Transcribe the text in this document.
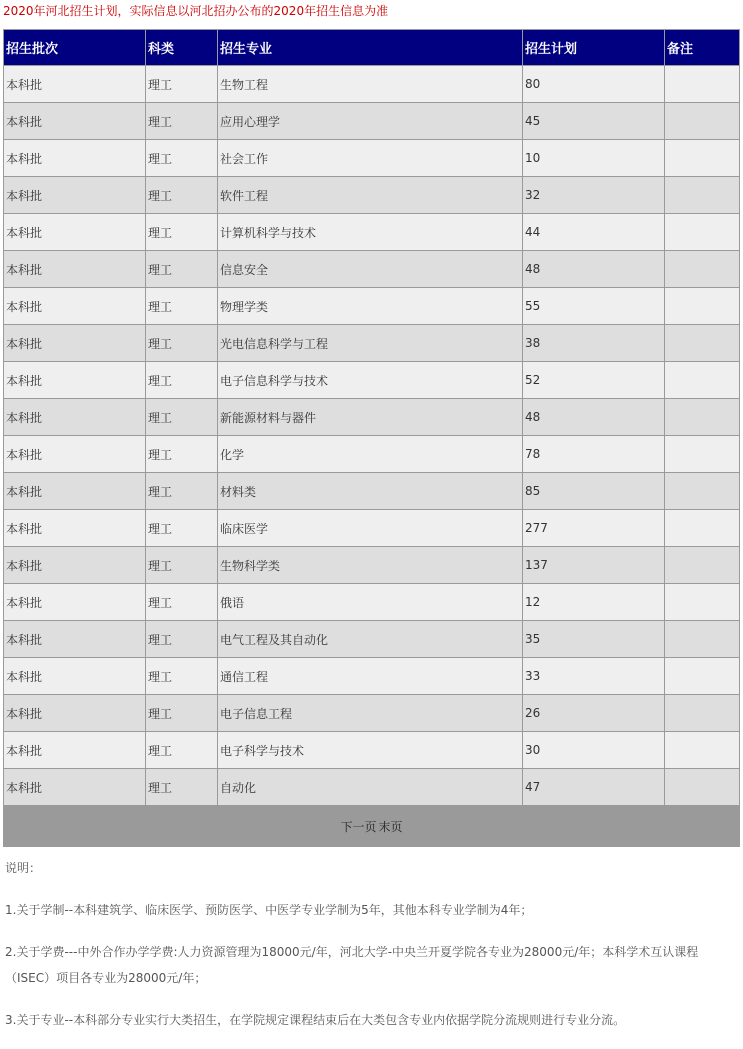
2020年河北招生计划，实际信息以河北招办公布的2020年招生信息为准
招生批次	科类	招生专业	招生计划	备注
本科批	理工	生物工程	80	
本科批	理工	应用心理学	45	
本科批	理工	社会工作	10	
本科批	理工	软件工程	32	
本科批	理工	计算机科学与技术	44	
本科批	理工	信息安全	48	
本科批	理工	物理学类	55	
本科批	理工	光电信息科学与工程	38	
本科批	理工	电子信息科学与技术	52	
本科批	理工	新能源材料与器件	48	
本科批	理工	化学	78	
本科批	理工	材料类	85	
本科批	理工	临床医学	277	
本科批	理工	生物科学类	137	
本科批	理工	俄语	12	
本科批	理工	电气工程及其自动化	35	
本科批	理工	通信工程	33	
本科批	理工	电子信息工程	26	
本科批	理工	电子科学与技术	30	
本科批	理工	自动化	47	
下一页 末页				

说明：

1.关于学制--本科建筑学、临床医学、预防医学、中医学专业学制为5年，其他本科专业学制为4年；

2.关于学费---中外合作办学学费:人力资源管理为18000元/年，河北大学-中央兰开夏学院各专业为28000元/年；本科学术互认课程（ISEC）项目各专业为28000元/年；

3.关于专业--本科部分专业实行大类招生，在学院规定课程结束后在大类包含专业内依据学院分流规则进行专业分流。
